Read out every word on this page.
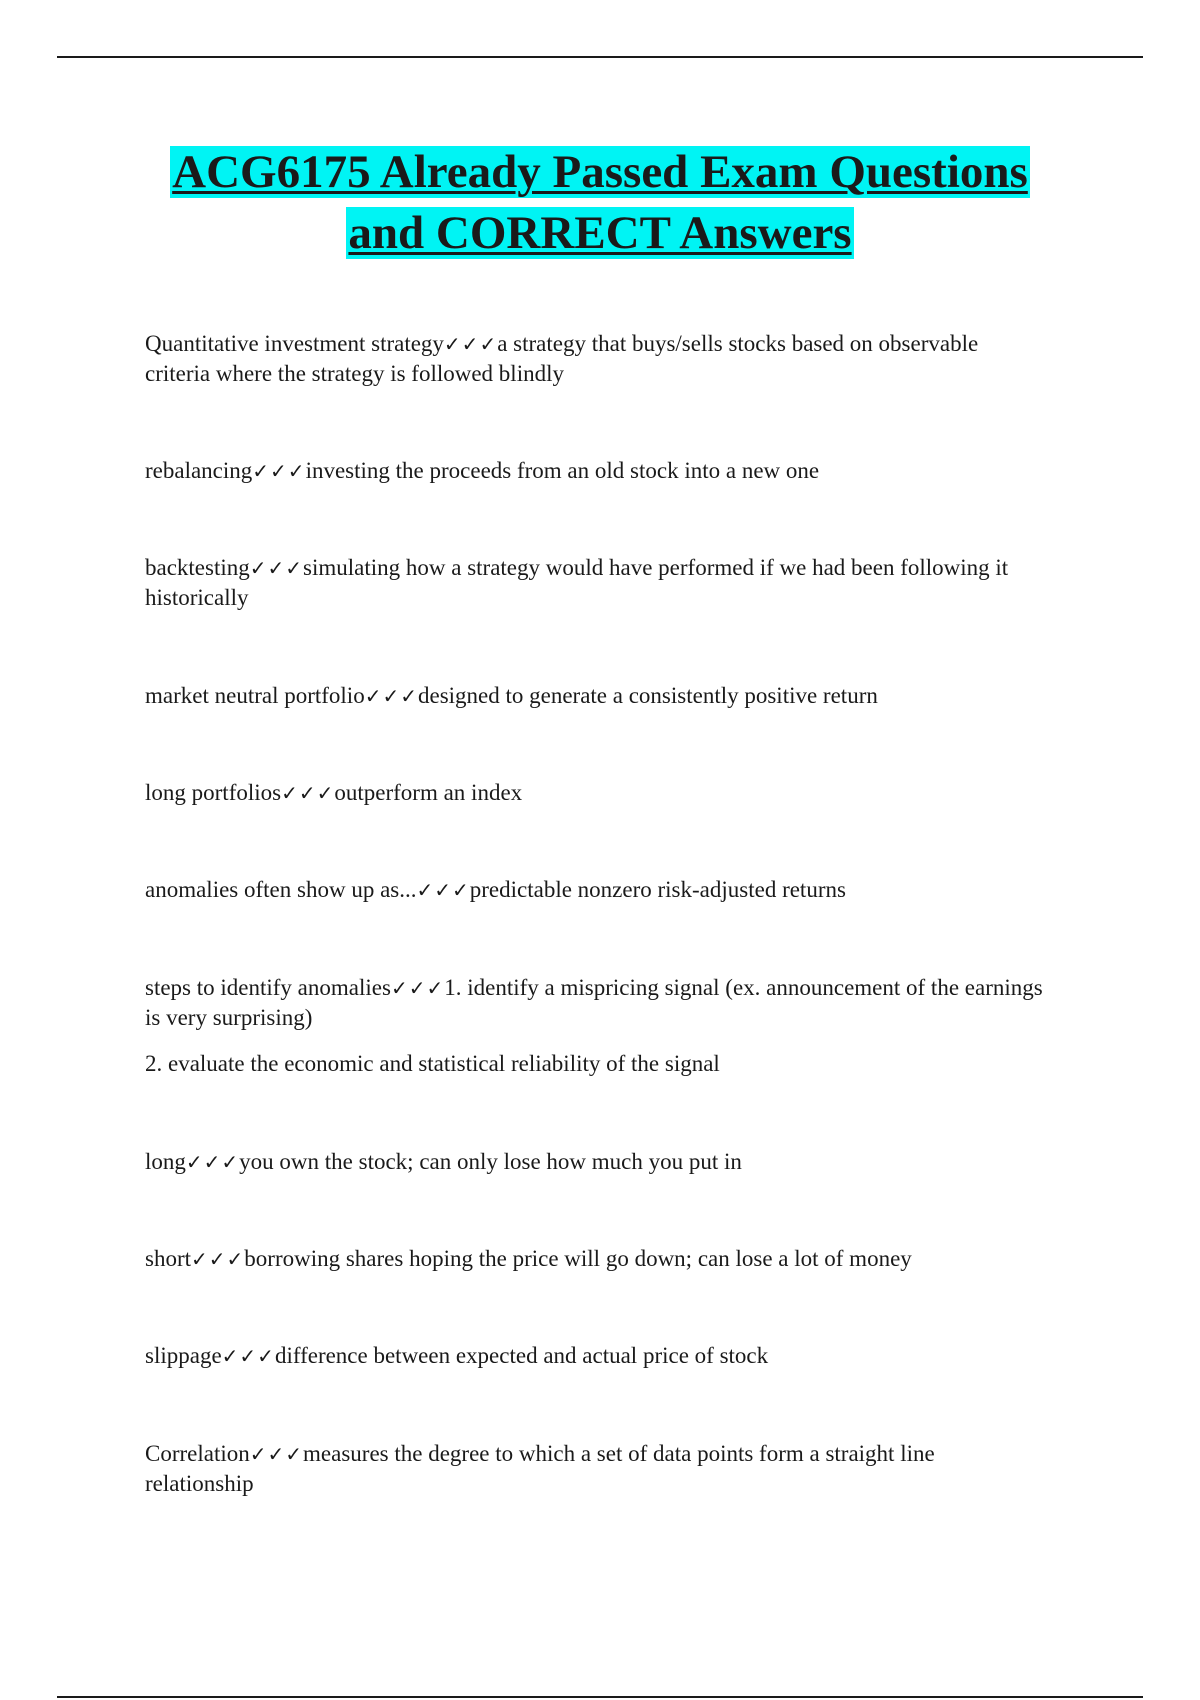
ACG6175 Already Passed Exam Questions
and CORRECT Answers

Quantitative investment strategy✓✓✓a strategy that buys/sells stocks based on observable criteria where the strategy is followed blindly

rebalancing✓✓✓investing the proceeds from an old stock into a new one

backtesting✓✓✓simulating how a strategy would have performed if we had been following it historically

market neutral portfolio✓✓✓designed to generate a consistently positive return

long portfolios✓✓✓outperform an index

anomalies often show up as...✓✓✓predictable nonzero risk-adjusted returns

steps to identify anomalies✓✓✓1. identify a mispricing signal (ex. announcement of the earnings is very surprising)
2. evaluate the economic and statistical reliability of the signal

long✓✓✓you own the stock; can only lose how much you put in

short✓✓✓borrowing shares hoping the price will go down; can lose a lot of money

slippage✓✓✓difference between expected and actual price of stock

Correlation✓✓✓measures the degree to which a set of data points form a straight line relationship
